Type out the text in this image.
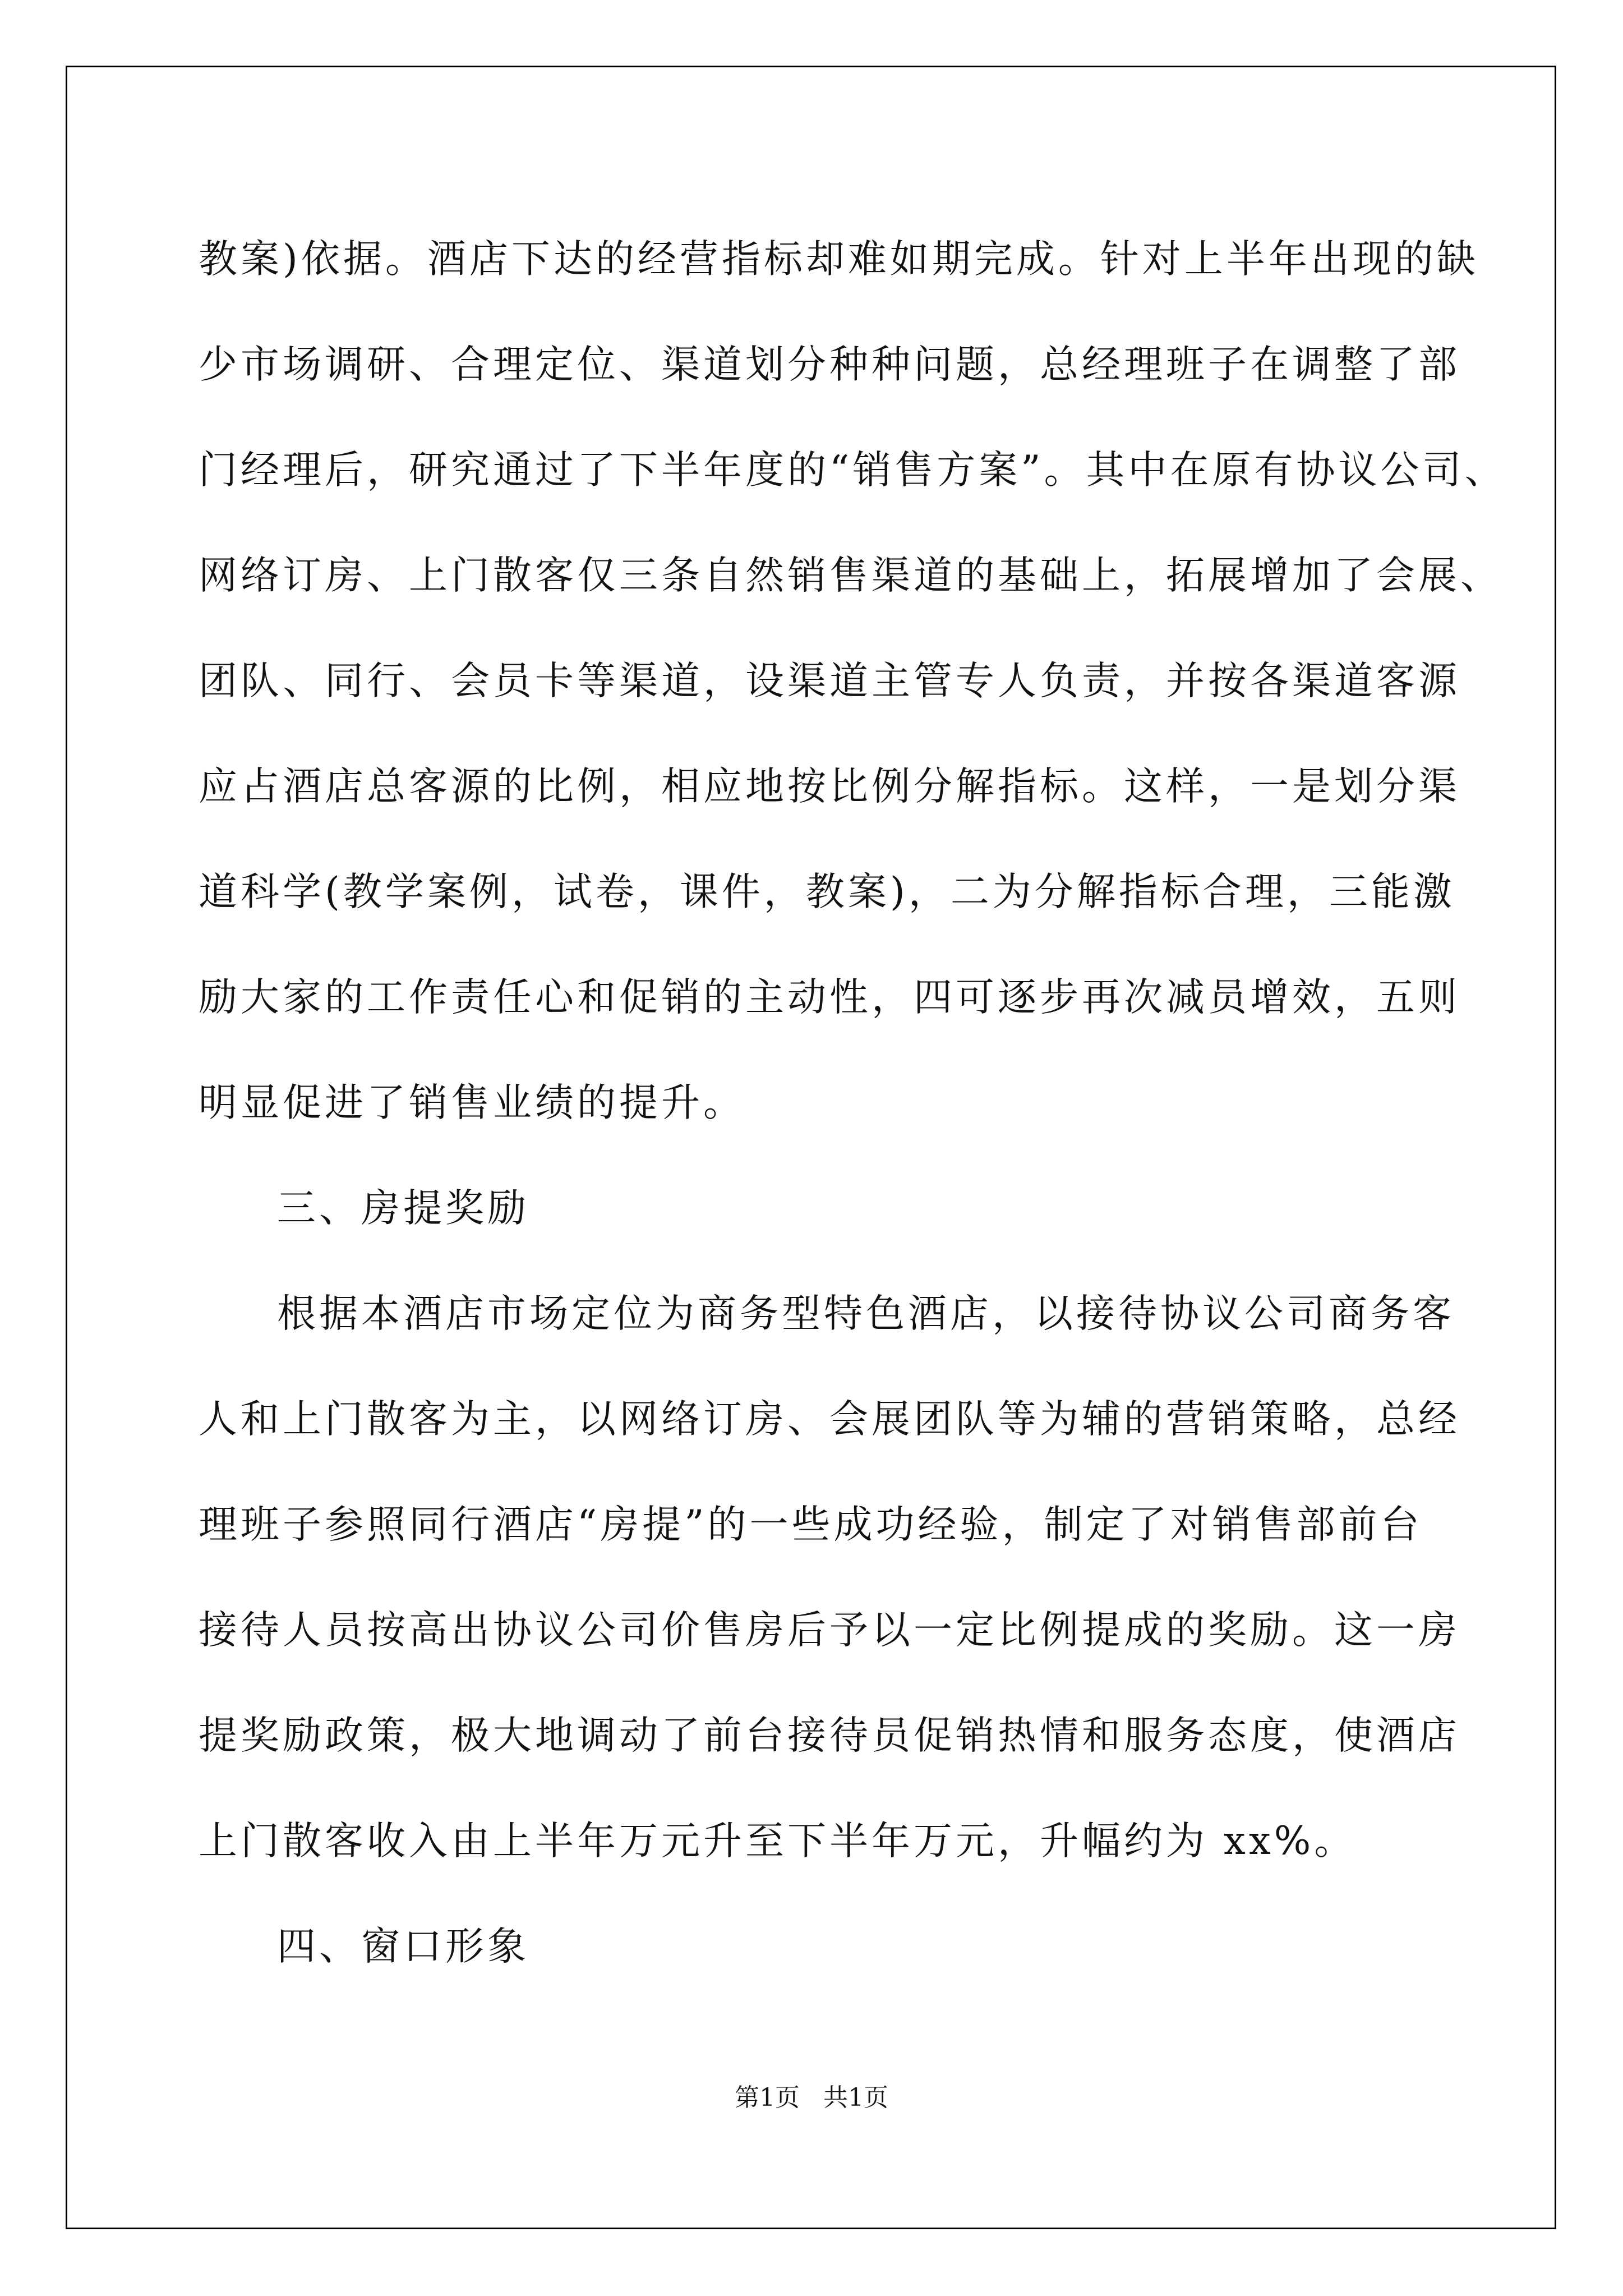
教案)依据。酒店下达的经营指标却难如期完成。针对上半年出现的缺
少市场调研、合理定位、渠道划分种种问题，总经理班子在调整了部
门经理后，研究通过了下半年度的“销售方案”。其中在原有协议公司、
网络订房、上门散客仅三条自然销售渠道的基础上，拓展增加了会展、
团队、同行、会员卡等渠道，设渠道主管专人负责，并按各渠道客源
应占酒店总客源的比例，相应地按比例分解指标。这样，一是划分渠
道科学(教学案例，试卷，课件，教案)，二为分解指标合理，三能激
励大家的工作责任心和促销的主动性，四可逐步再次减员增效，五则
明显促进了销售业绩的提升。
三、房提奖励
根据本酒店市场定位为商务型特色酒店，以接待协议公司商务客
人和上门散客为主，以网络订房、会展团队等为辅的营销策略，总经
理班子参照同行酒店“房提”的一些成功经验，制定了对销售部前台
接待人员按高出协议公司价售房后予以一定比例提成的奖励。这一房
提奖励政策，极大地调动了前台接待员促销热情和服务态度，使酒店
上门散客收入由上半年万元升至下半年万元，升幅约为 xx%。
四、窗口形象
第1页   共1页
